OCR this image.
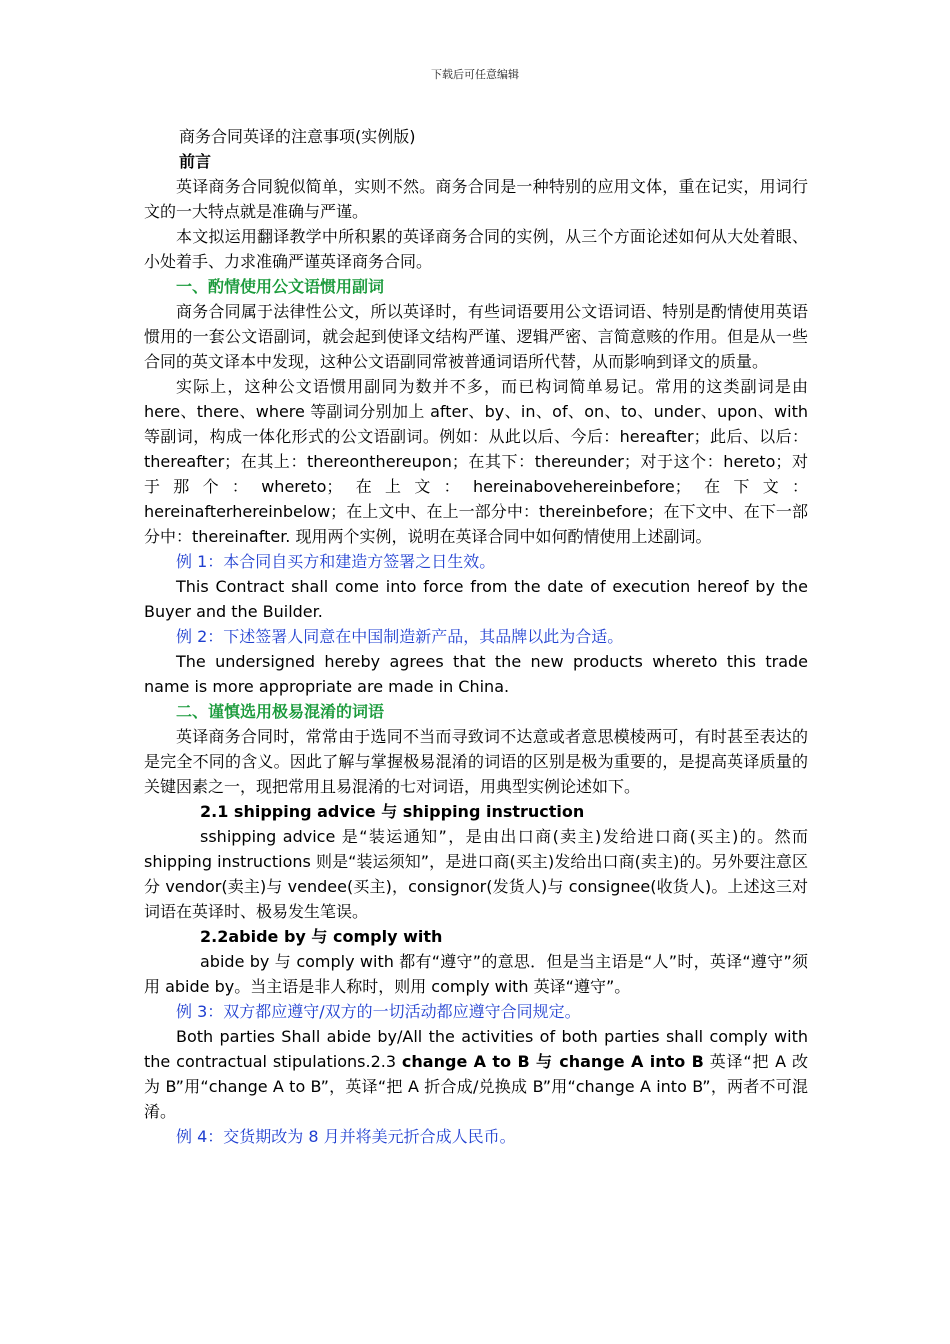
下载后可任意编辑

商务合同英译的注意事项(实例版)

前言

英译商务合同貌似简单，实则不然。商务合同是一种特别的应用文体，重在记实，用词行文的一大特点就是准确与严谨。

本文拟运用翻译教学中所积累的英译商务合同的实例，从三个方面论述如何从大处着眼、小处着手、力求准确严谨英译商务合同。

一、酌情使用公文语惯用副词

商务合同属于法律性公文，所以英译时，有些词语要用公文语词语、特别是酌情使用英语惯用的一套公文语副词，就会起到使译文结构严谨、逻辑严密、言简意赅的作用。但是从一些合同的英文译本中发现，这种公文语副同常被普通词语所代替，从而影响到译文的质量。

实际上，这种公文语惯用副同为数并不多，而已构词简单易记。常用的这类副词是由 here、there、where 等副词分别加上 after、by、in、of、on、to、under、upon、with 等副词，构成一体化形式的公文语副词。例如：从此以后、今后：hereafter；此后、以后：thereafter；在其上：thereonthereupon；在其下：thereunder；对于这个：hereto；对于那个：whereto；在上文：hereinabovehereinbefore；在下文：hereinafterhereinbelow；在上文中、在上一部分中：thereinbefore；在下文中、在下一部分中：thereinafter. 现用两个实例，说明在英译合同中如何酌情使用上述副词。

例 1：本合同自买方和建造方签署之日生效。

This Contract shall come into force from the date of execution hereof by the Buyer and the Builder.

例 2：下述签署人同意在中国制造新产品，其品牌以此为合适。

The undersigned hereby agrees that the new products whereto this trade name is more appropriate are made in China.

二、谨慎选用极易混淆的词语

英译商务合同时，常常由于选同不当而寻致词不达意或者意思模棱两可，有时甚至表达的是完全不同的含义。因此了解与掌握极易混淆的词语的区别是极为重要的，是提高英译质量的关键因素之一，现把常用且易混淆的七对词语，用典型实例论述如下。

2.1 shipping advice 与 shipping instruction

sshipping advice 是“装运通知”，是由出口商(卖主)发给进口商(买主)的。然而 shipping instructions 则是“装运须知”，是进口商(买主)发给出口商(卖主)的。另外要注意区分 vendor(卖主)与 vendee(买主)，consignor(发货人)与 consignee(收货人)。上述这三对词语在英译时、极易发生笔误。

2.2abide by 与 comply with

abide by 与 comply with 都有“遵守”的意思．但是当主语是“人”时，英译“遵守”须用 abide by。当主语是非人称时，则用 comply with 英译“遵守”。

例 3：双方都应遵守/双方的一切活动都应遵守合同规定。

Both parties Shall abide by/All the activities of both parties shall comply with the contractual stipulations.2.3 change A to B 与 change A into B 英译“把 A 改为 B”用“change A to B”，英译“把 A 折合成/兑换成 B”用“change A into B”，两者不可混淆。

例 4：交货期改为 8 月并将美元折合成人民币。
